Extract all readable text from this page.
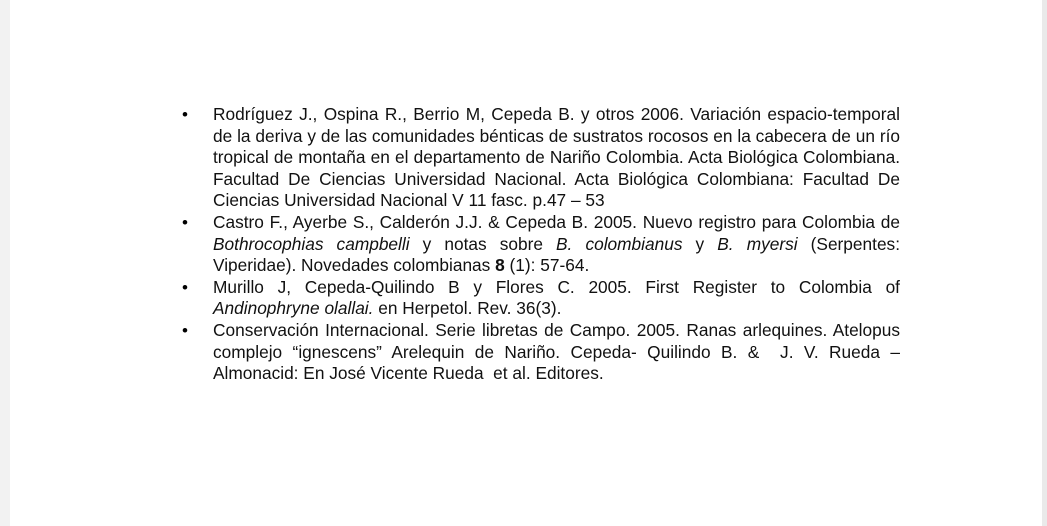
• Rodríguez J., Ospina R., Berrio M, Cepeda B. y otros 2006. Variación espacio-temporal de la deriva y de las comunidades bénticas de sustratos rocosos en la cabecera de un río tropical de montaña en el departamento de Nariño Colombia. Acta Biológica Colombiana. Facultad De Ciencias Universidad Nacional. Acta Biológica Colombiana: Facultad De Ciencias Universidad Nacional V 11 fasc. p.47 – 53
• Castro F., Ayerbe S., Calderón J.J. & Cepeda B. 2005. Nuevo registro para Colombia de Bothrocophias campbelli y notas sobre B. colombianus y B. myersi (Serpentes: Viperidae). Novedades colombianas 8 (1): 57-64.
• Murillo J, Cepeda-Quilindo B y Flores C. 2005. First Register to Colombia of  Andinophryne olallai. en Herpetol. Rev. 36(3).
• Conservación Internacional. Serie libretas de Campo. 2005. Ranas arlequines. Atelopus complejo “ignescens” Arelequin de Nariño. Cepeda- Quilindo B. &  J. V. Rueda – Almonacid: En José Vicente Rueda  et al. Editores.
